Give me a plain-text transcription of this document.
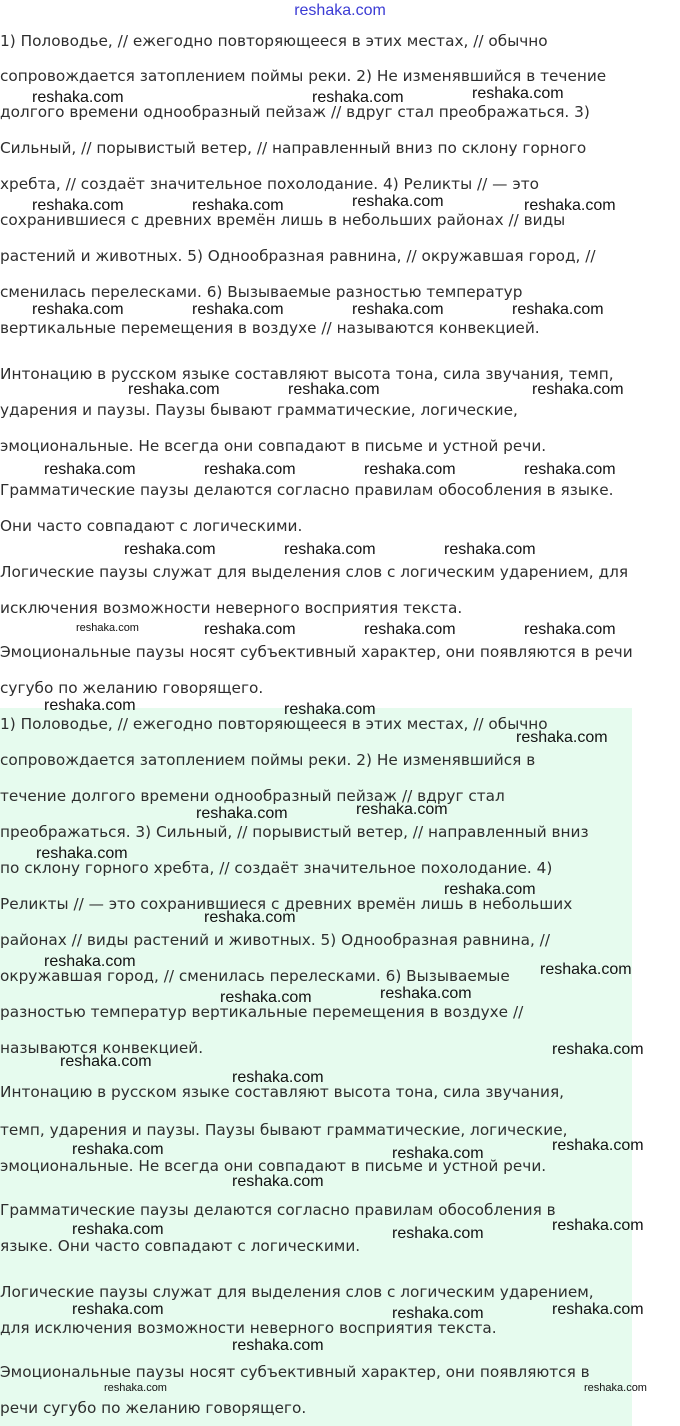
reshaka.com
1) Половодье, // ежегодно повторяющееся в этих местах, // обычно
сопровождается затоплением поймы реки. 2) Не изменявшийся в течение
долгого времени однообразный пейзаж // вдруг стал преображаться. 3)
Сильный, // порывистый ветер, // направленный вниз по склону горного
хребта, // создаёт значительное похолодание. 4) Реликты // — это
сохранившиеся с древних времён лишь в небольших районах // виды
растений и животных. 5) Однообразная равнина, // окружавшая город, //
сменилась перелесками. 6) Вызываемые разностью температур
вертикальные перемещения в воздухе // называются конвекцией.
Интонацию в русском языке составляют высота тона, сила звучания, темп,
ударения и паузы. Паузы бывают грамматические, логические,
эмоциональные. Не всегда они совпадают в письме и устной речи.
Грамматические паузы делаются согласно правилам обособления в языке.
Они часто совпадают с логическими.
Логические паузы служат для выделения слов с логическим ударением, для
исключения возможности неверного восприятия текста.
Эмоциональные паузы носят субъективный характер, они появляются в речи
сугубо по желанию говорящего.
1) Половодье, // ежегодно повторяющееся в этих местах, // обычно
сопровождается затоплением поймы реки. 2) Не изменявшийся в
течение долгого времени однообразный пейзаж // вдруг стал
преображаться. 3) Сильный, // порывистый ветер, // направленный вниз
по склону горного хребта, // создаёт значительное похолодание. 4)
Реликты // — это сохранившиеся с древних времён лишь в небольших
районах // виды растений и животных. 5) Однообразная равнина, //
окружавшая город, // сменилась перелесками. 6) Вызываемые
разностью температур вертикальные перемещения в воздухе //
называются конвекцией.
Интонацию в русском языке составляют высота тона, сила звучания,
темп, ударения и паузы. Паузы бывают грамматические, логические,
эмоциональные. Не всегда они совпадают в письме и устной речи.
Грамматические паузы делаются согласно правилам обособления в
языке. Они часто совпадают с логическими.
Логические паузы служат для выделения слов с логическим ударением,
для исключения возможности неверного восприятия текста.
Эмоциональные паузы носят субъективный характер, они появляются в
речи сугубо по желанию говорящего.
reshaka.com	reshaka.com	reshaka.com
reshaka.com	reshaka.com	reshaka.com	reshaka.com
reshaka.com	reshaka.com	reshaka.com	reshaka.com
reshaka.com	reshaka.com	reshaka.com
reshaka.com	reshaka.com	reshaka.com	reshaka.com
reshaka.com	reshaka.com	reshaka.com
reshaka.com	reshaka.com	reshaka.com	reshaka.com
reshaka.com	reshaka.com
reshaka.com
reshaka.com
reshaka.com
reshaka.com
reshaka.com
reshaka.com
reshaka.com	reshaka.com
reshaka.com
reshaka.com
reshaka.com
reshaka.com
reshaka.com
reshaka.com
reshaka.com	reshaka.com
reshaka.com
reshaka.com
reshaka.com	reshaka.com
reshaka.com
reshaka.com	reshaka.com
reshaka.com
reshaka.com	reshaka.com
